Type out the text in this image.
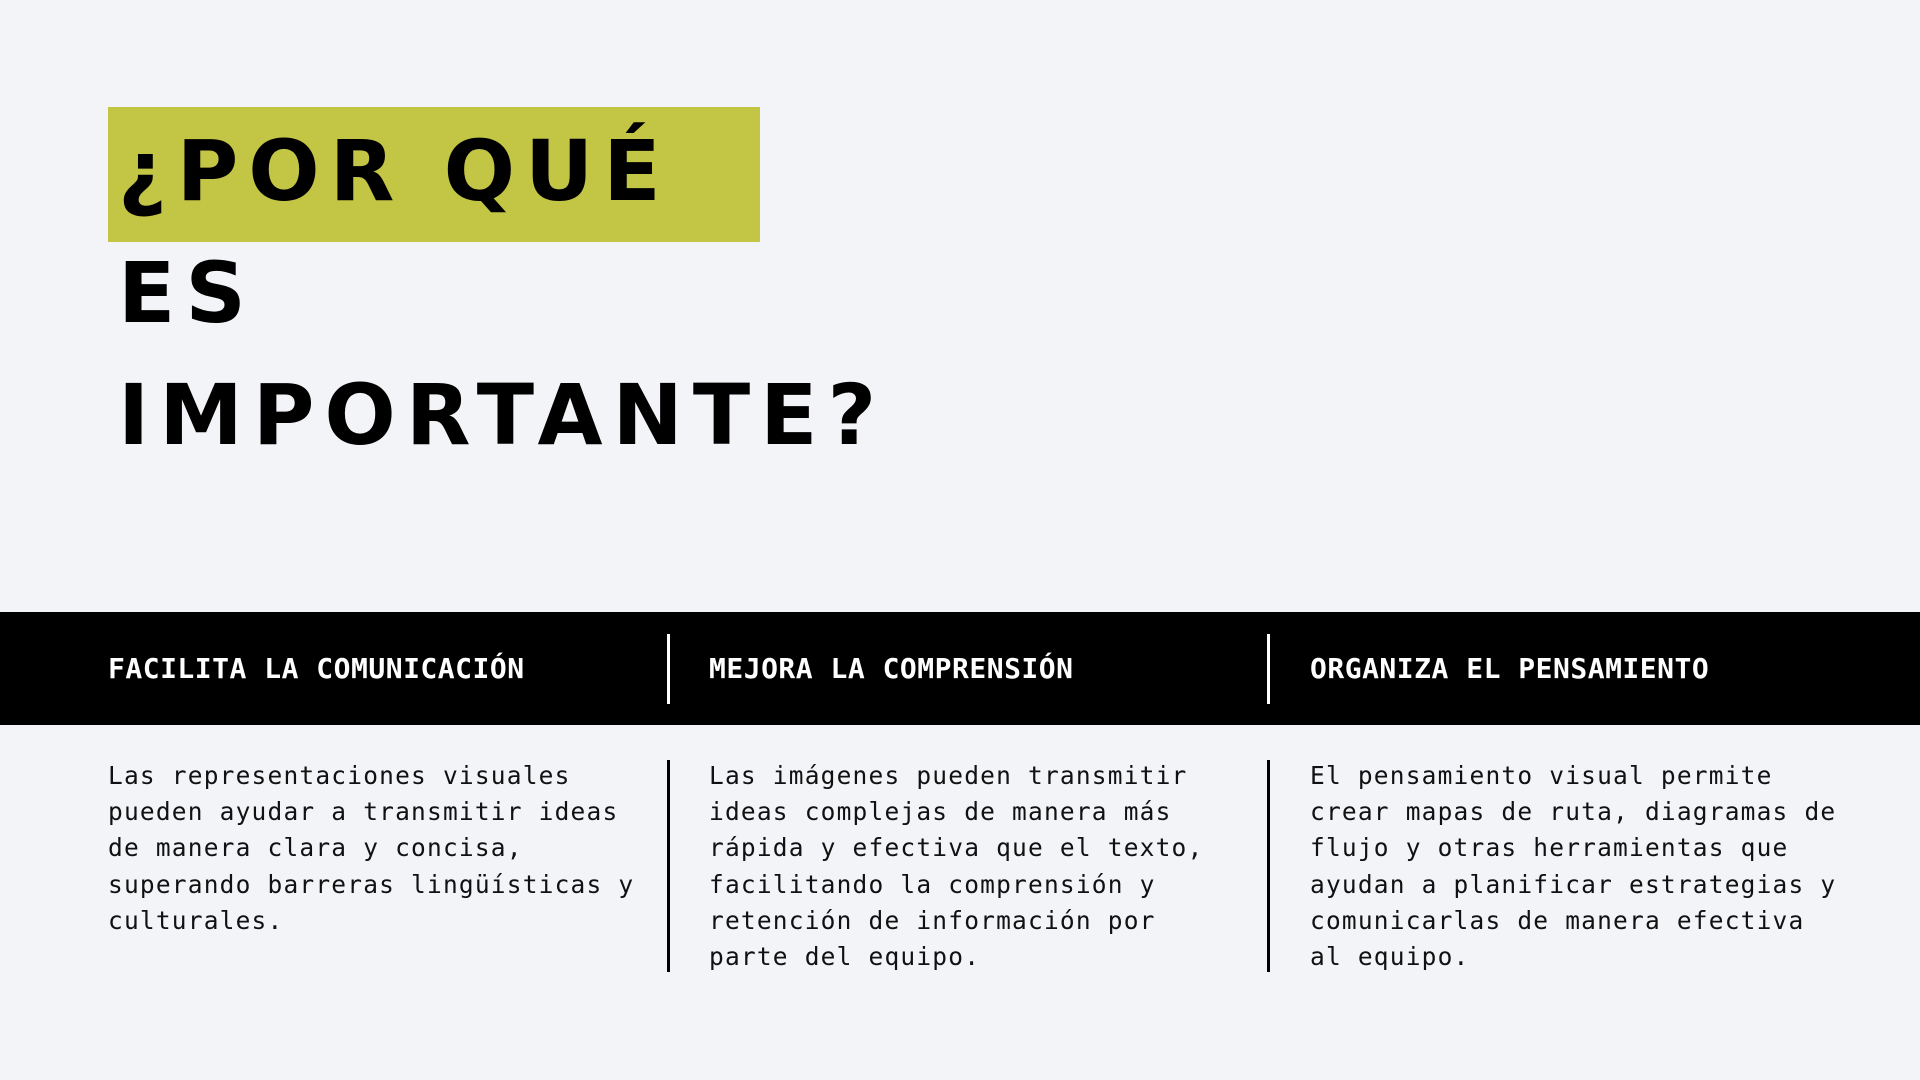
¿POR QUÉ
ES
IMPORTANTE?
FACILITA LA COMUNICACIÓN	MEJORA LA COMPRENSIÓN	ORGANIZA EL PENSAMIENTO

Las representaciones visuales pueden ayudar a transmitir ideas de manera clara y concisa, superando barreras lingüísticas y culturales.

Las imágenes pueden transmitir ideas complejas de manera más rápida y efectiva que el texto, facilitando la comprensión y retención de información por parte del equipo.

El pensamiento visual permite crear mapas de ruta, diagramas de flujo y otras herramientas que ayudan a planificar estrategias y comunicarlas de manera efectiva al equipo.
